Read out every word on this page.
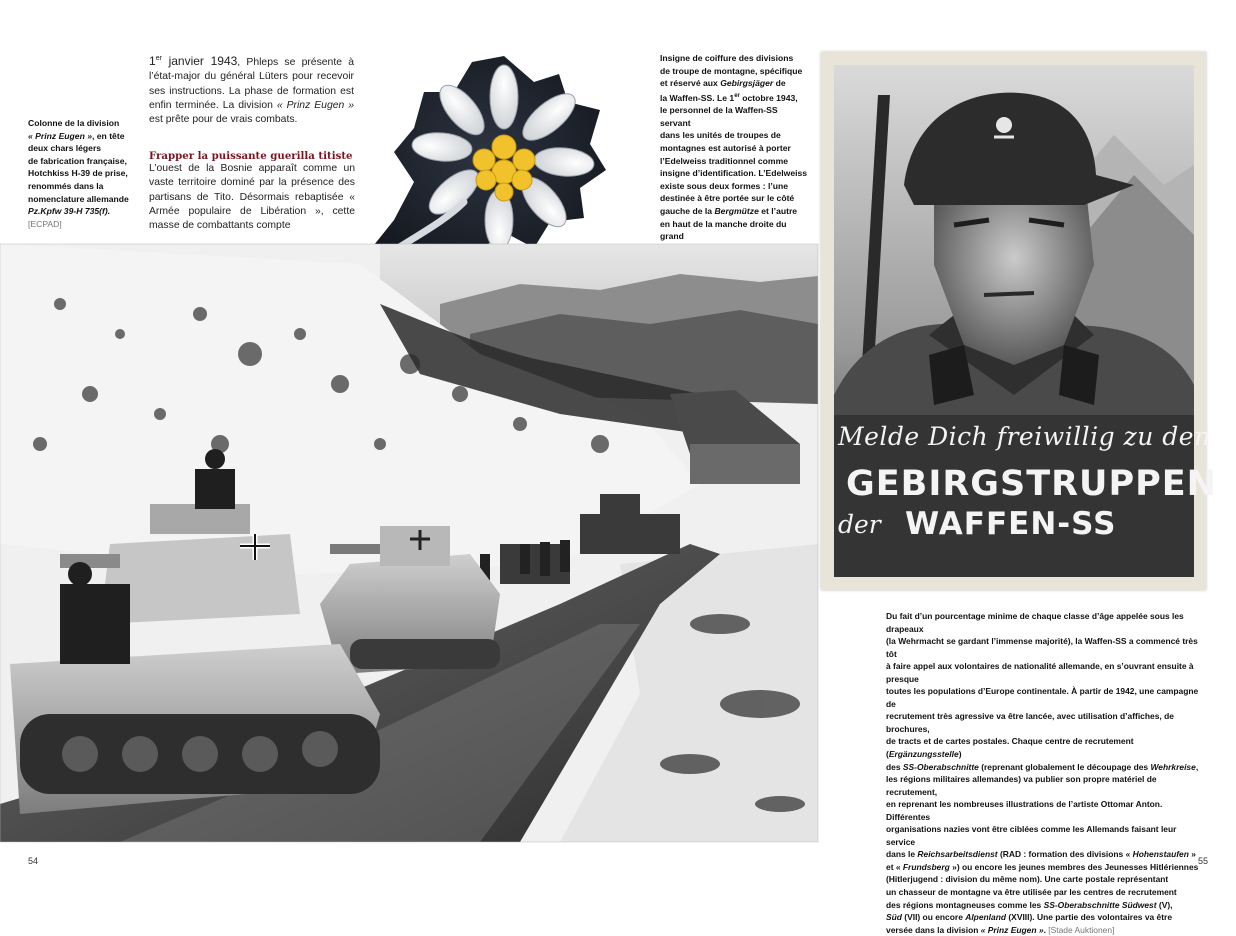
Colonne de la division
« Prinz Eugen », en tête
deux chars légers
de fabrication française,
Hotchkiss H-39 de prise,
renommés dans la
nomenclature allemande
Pz.Kpfw 39-H 735(f).
[ECPAD]
1er janvier 1943, Phleps se présente à l’état-major du général Lüters pour recevoir ses instructions. La phase de formation est enfin terminée. La division « Prinz Eugen » est prête pour de vrais combats.
Frapper la puissante guerilla titiste
L’ouest de la Bosnie apparaît comme un vaste territoire dominé par la présence des partisans de Tito. Désormais rebaptisée « Armée populaire de Libération », cette masse de combattants compte
Insigne de coiffure des divisions
de troupe de montagne, spécifique
et réservé aux Gebirgsjäger de
la Waffen-SS. Le 1er octobre 1943,
le personnel de la Waffen-SS servant
dans les unités de troupes de
montagnes est autorisé à porter
l’Edelweiss traditionnel comme
insigne d’identification. L’Edelweiss
existe sous deux formes : l’une
destinée à être portée sur le côté
gauche de la Bergmütze et l’autre
en haut de la manche droite du grand
Melde Dich freiwillig zu den
GEBIRGSTRUPPEN
der WAFFEN-SS
Du fait d’un pourcentage minime de chaque classe d’âge appelée sous les drapeaux
(la Wehrmacht se gardant l’immense majorité), la Waffen-SS a commencé très tôt
à faire appel aux volontaires de nationalité allemande, en s’ouvrant ensuite à presque
toutes les populations d’Europe continentale. À partir de 1942, une campagne de
recrutement très agressive va être lancée, avec utilisation d’affiches, de brochures,
de tracts et de cartes postales. Chaque centre de recrutement (Ergänzungsstelle)
des SS-Oberabschnitte (reprenant globalement le découpage des Wehrkreise,
les régions militaires allemandes) va publier son propre matériel de recrutement,
en reprenant les nombreuses illustrations de l’artiste Ottomar Anton. Différentes
organisations nazies vont être ciblées comme les Allemands faisant leur service
dans le Reichsarbeitsdienst (RAD : formation des divisions « Hohenstaufen »
et « Frundsberg ») ou encore les jeunes membres des Jeunesses Hitlériennes
(Hitlerjugend : division du même nom). Une carte postale représentant
un chasseur de montagne va être utilisée par les centres de recrutement
des régions montagneuses comme les SS-Oberabschnitte Südwest (V),
Süd (VII) ou encore Alpenland (XVIII). Une partie des volontaires va être
versée dans la division « Prinz Eugen ». [Stade Auktionen]
54	55
